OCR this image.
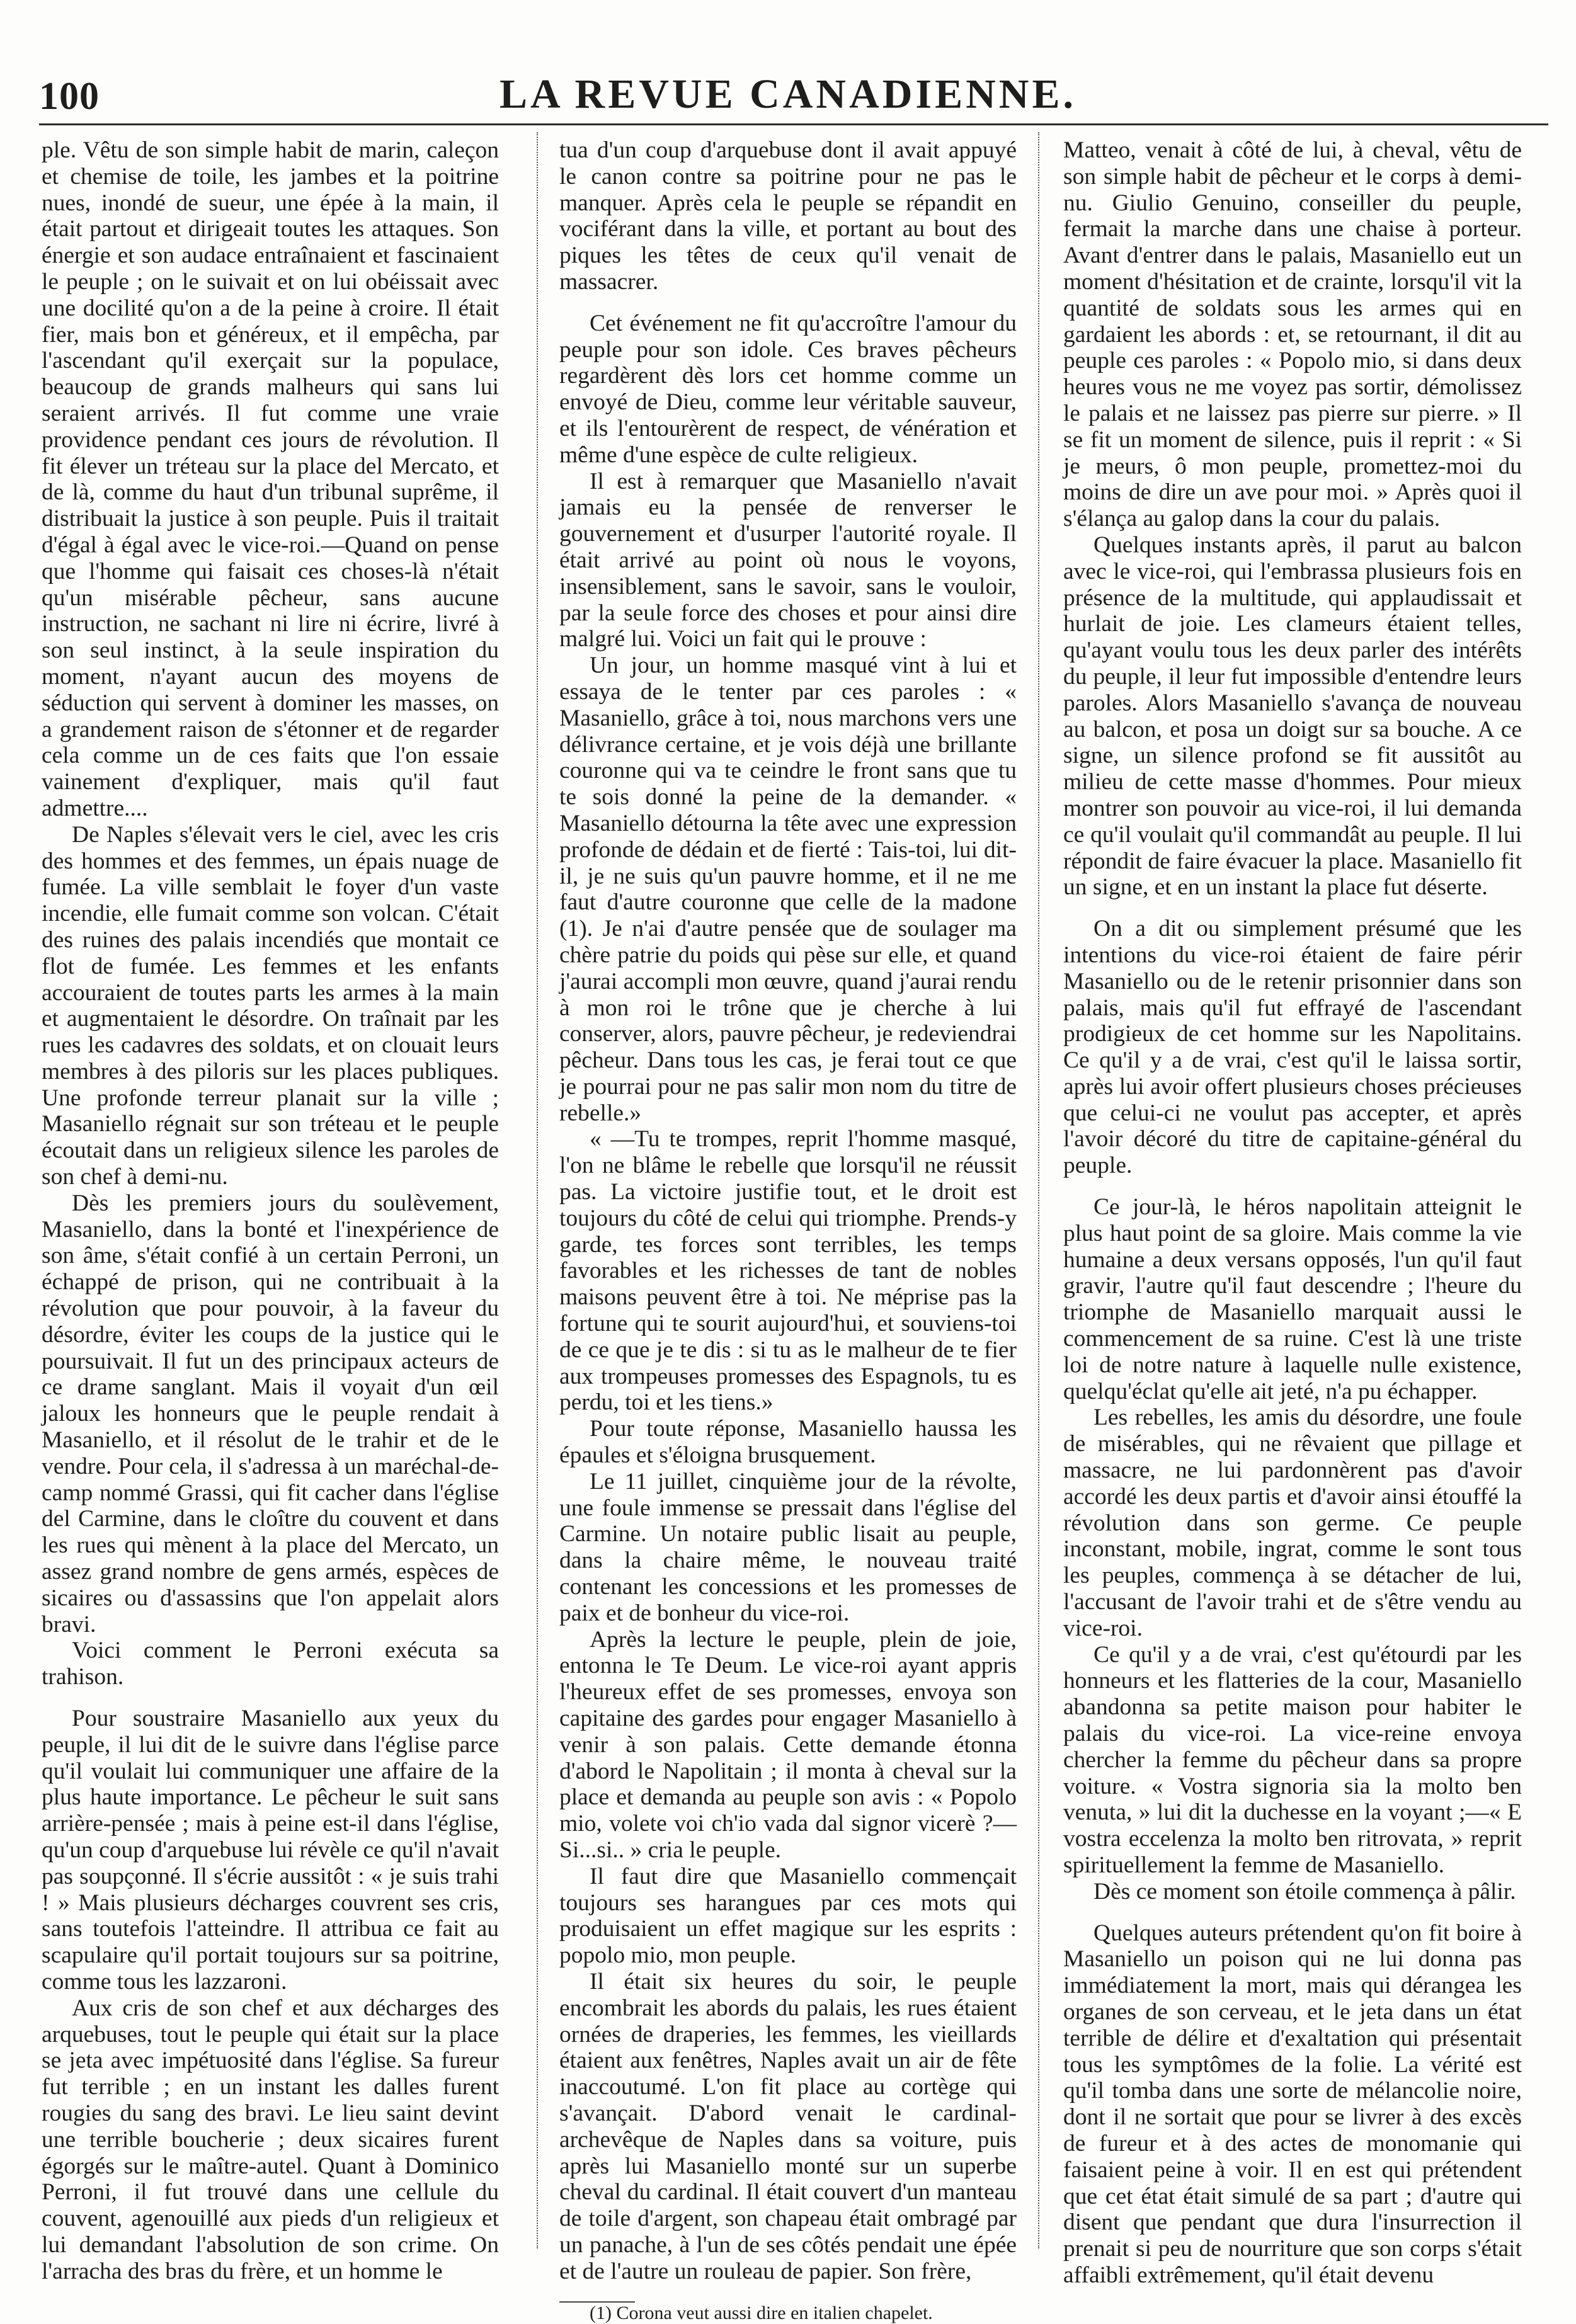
100	LA REVUE CANADIENNE.

ple. Vêtu de son simple habit de marin, caleçon et chemise de toile, les jambes et la poitrine nues, inondé de sueur, une épée à la main, il était partout et dirigeait toutes les attaques. Son énergie et son audace entraînaient et fascinaient le peuple ; on le suivait et on lui obéissait avec une docilité qu'on a de la peine à croire. Il était fier, mais bon et généreux, et il empêcha, par l'ascendant qu'il exerçait sur la populace, beaucoup de grands malheurs qui sans lui seraient arrivés. Il fut comme une vraie providence pendant ces jours de révolution. Il fit élever un tréteau sur la place del Mercato, et de là, comme du haut d'un tribunal suprême, il distribuait la justice à son peuple. Puis il traitait d'égal à égal avec le vice-roi.—Quand on pense que l'homme qui faisait ces choses-là n'était qu'un misérable pêcheur, sans aucune instruction, ne sachant ni lire ni écrire, livré à son seul instinct, à la seule inspiration du moment, n'ayant aucun des moyens de séduction qui servent à dominer les masses, on a grandement raison de s'étonner et de regarder cela comme un de ces faits que l'on essaie vainement d'expliquer, mais qu'il faut admettre....

De Naples s'élevait vers le ciel, avec les cris des hommes et des femmes, un épais nuage de fumée. La ville semblait le foyer d'un vaste incendie, elle fumait comme son volcan. C'était des ruines des palais incendiés que montait ce flot de fumée. Les femmes et les enfants accouraient de toutes parts les armes à la main et augmentaient le désordre. On traînait par les rues les cadavres des soldats, et on clouait leurs membres à des piloris sur les places publiques. Une profonde terreur planait sur la ville ; Masaniello régnait sur son tréteau et le peuple écoutait dans un religieux silence les paroles de son chef à demi-nu.

Dès les premiers jours du soulèvement, Masaniello, dans la bonté et l'inexpérience de son âme, s'était confié à un certain Perroni, un échappé de prison, qui ne contribuait à la révolution que pour pouvoir, à la faveur du désordre, éviter les coups de la justice qui le poursuivait. Il fut un des principaux acteurs de ce drame sanglant. Mais il voyait d'un œil jaloux les honneurs que le peuple rendait à Masaniello, et il résolut de le trahir et de le vendre. Pour cela, il s'adressa à un maréchal-de-camp nommé Grassi, qui fit cacher dans l'église del Carmine, dans le cloître du couvent et dans les rues qui mènent à la place del Mercato, un assez grand nombre de gens armés, espèces de sicaires ou d'assassins que l'on appelait alors bravi.

Voici comment le Perroni exécuta sa trahison.

Pour soustraire Masaniello aux yeux du peuple, il lui dit de le suivre dans l'église parce qu'il voulait lui communiquer une affaire de la plus haute importance. Le pêcheur le suit sans arrière-pensée ; mais à peine est-il dans l'église, qu'un coup d'arquebuse lui révèle ce qu'il n'avait pas soupçonné. Il s'écrie aussitôt : « je suis trahi ! » Mais plusieurs décharges couvrent ses cris, sans toutefois l'atteindre. Il attribua ce fait au scapulaire qu'il portait toujours sur sa poitrine, comme tous les lazzaroni.

Aux cris de son chef et aux décharges des arquebuses, tout le peuple qui était sur la place se jeta avec impétuosité dans l'église. Sa fureur fut terrible ; en un instant les dalles furent rougies du sang des bravi. Le lieu saint devint une terrible boucherie ; deux sicaires furent égorgés sur le maître-autel. Quant à Dominico Perroni, il fut trouvé dans une cellule du couvent, agenouillé aux pieds d'un religieux et lui demandant l'absolution de son crime. On l'arracha des bras du frère, et un homme le

tua d'un coup d'arquebuse dont il avait appuyé le canon contre sa poitrine pour ne pas le manquer. Après cela le peuple se répandit en vociférant dans la ville, et portant au bout des piques les têtes de ceux qu'il venait de massacrer.

Cet événement ne fit qu'accroître l'amour du peuple pour son idole. Ces braves pêcheurs regardèrent dès lors cet homme comme un envoyé de Dieu, comme leur véritable sauveur, et ils l'entourèrent de respect, de vénération et même d'une espèce de culte religieux.

Il est à remarquer que Masaniello n'avait jamais eu la pensée de renverser le gouvernement et d'usurper l'autorité royale. Il était arrivé au point où nous le voyons, insensiblement, sans le savoir, sans le vouloir, par la seule force des choses et pour ainsi dire malgré lui. Voici un fait qui le prouve :

Un jour, un homme masqué vint à lui et essaya de le tenter par ces paroles : « Masaniello, grâce à toi, nous marchons vers une délivrance certaine, et je vois déjà une brillante couronne qui va te ceindre le front sans que tu te sois donné la peine de la demander. « Masaniello détourna la tête avec une expression profonde de dédain et de fierté : Tais-toi, lui dit-il, je ne suis qu'un pauvre homme, et il ne me faut d'autre couronne que celle de la madone (1). Je n'ai d'autre pensée que de soulager ma chère patrie du poids qui pèse sur elle, et quand j'aurai accompli mon œuvre, quand j'aurai rendu à mon roi le trône que je cherche à lui conserver, alors, pauvre pêcheur, je redeviendrai pêcheur. Dans tous les cas, je ferai tout ce que je pourrai pour ne pas salir mon nom du titre de rebelle.»

« —Tu te trompes, reprit l'homme masqué, l'on ne blâme le rebelle que lorsqu'il ne réussit pas. La victoire justifie tout, et le droit est toujours du côté de celui qui triomphe. Prends-y garde, tes forces sont terribles, les temps favorables et les richesses de tant de nobles maisons peuvent être à toi. Ne méprise pas la fortune qui te sourit aujourd'hui, et souviens-toi de ce que je te dis : si tu as le malheur de te fier aux trompeuses promesses des Espagnols, tu es perdu, toi et les tiens.»

Pour toute réponse, Masaniello haussa les épaules et s'éloigna brusquement.

Le 11 juillet, cinquième jour de la révolte, une foule immense se pressait dans l'église del Carmine. Un notaire public lisait au peuple, dans la chaire même, le nouveau traité contenant les concessions et les promesses de paix et de bonheur du vice-roi.

Après la lecture le peuple, plein de joie, entonna le Te Deum. Le vice-roi ayant appris l'heureux effet de ses promesses, envoya son capitaine des gardes pour engager Masaniello à venir à son palais. Cette demande étonna d'abord le Napolitain ; il monta à cheval sur la place et demanda au peuple son avis : « Popolo mio, volete voi ch'io vada dal signor vicerè ?—Si...si.. » cria le peuple.

Il faut dire que Masaniello commençait toujours ses harangues par ces mots qui produisaient un effet magique sur les esprits : popolo mio, mon peuple.

Il était six heures du soir, le peuple encombrait les abords du palais, les rues étaient ornées de draperies, les femmes, les vieillards étaient aux fenêtres, Naples avait un air de fête inaccoutumé. L'on fit place au cortège qui s'avançait. D'abord venait le cardinal-archevêque de Naples dans sa voiture, puis après lui Masaniello monté sur un superbe cheval du cardinal. Il était couvert d'un manteau de toile d'argent, son chapeau était ombragé par un panache, à l'un de ses côtés pendait une épée et de l'autre un rouleau de papier. Son frère,

(1) Corona veut aussi dire en italien chapelet.

Matteo, venait à côté de lui, à cheval, vêtu de son simple habit de pêcheur et le corps à demi-nu. Giulio Genuino, conseiller du peuple, fermait la marche dans une chaise à porteur. Avant d'entrer dans le palais, Masaniello eut un moment d'hésitation et de crainte, lorsqu'il vit la quantité de soldats sous les armes qui en gardaient les abords : et, se retournant, il dit au peuple ces paroles : « Popolo mio, si dans deux heures vous ne me voyez pas sortir, démolissez le palais et ne laissez pas pierre sur pierre. » Il se fit un moment de silence, puis il reprit : « Si je meurs, ô mon peuple, promettez-moi du moins de dire un ave pour moi. » Après quoi il s'élança au galop dans la cour du palais.

Quelques instants après, il parut au balcon avec le vice-roi, qui l'embrassa plusieurs fois en présence de la multitude, qui applaudissait et hurlait de joie. Les clameurs étaient telles, qu'ayant voulu tous les deux parler des intérêts du peuple, il leur fut impossible d'entendre leurs paroles. Alors Masaniello s'avança de nouveau au balcon, et posa un doigt sur sa bouche. A ce signe, un silence profond se fit aussitôt au milieu de cette masse d'hommes. Pour mieux montrer son pouvoir au vice-roi, il lui demanda ce qu'il voulait qu'il commandât au peuple. Il lui répondit de faire évacuer la place. Masaniello fit un signe, et en un instant la place fut déserte.

On a dit ou simplement présumé que les intentions du vice-roi étaient de faire périr Masaniello ou de le retenir prisonnier dans son palais, mais qu'il fut effrayé de l'ascendant prodigieux de cet homme sur les Napolitains. Ce qu'il y a de vrai, c'est qu'il le laissa sortir, après lui avoir offert plusieurs choses précieuses que celui-ci ne voulut pas accepter, et après l'avoir décoré du titre de capitaine-général du peuple.

Ce jour-là, le héros napolitain atteignit le plus haut point de sa gloire. Mais comme la vie humaine a deux versans opposés, l'un qu'il faut gravir, l'autre qu'il faut descendre ; l'heure du triomphe de Masaniello marquait aussi le commencement de sa ruine. C'est là une triste loi de notre nature à laquelle nulle existence, quelqu'éclat qu'elle ait jeté, n'a pu échapper.

Les rebelles, les amis du désordre, une foule de misérables, qui ne rêvaient que pillage et massacre, ne lui pardonnèrent pas d'avoir accordé les deux partis et d'avoir ainsi étouffé la révolution dans son germe. Ce peuple inconstant, mobile, ingrat, comme le sont tous les peuples, commença à se détacher de lui, l'accusant de l'avoir trahi et de s'être vendu au vice-roi.

Ce qu'il y a de vrai, c'est qu'étourdi par les honneurs et les flatteries de la cour, Masaniello abandonna sa petite maison pour habiter le palais du vice-roi. La vice-reine envoya chercher la femme du pêcheur dans sa propre voiture. « Vostra signoria sia la molto ben venuta, » lui dit la duchesse en la voyant ;—« E vostra eccelenza la molto ben ritrovata, » reprit spirituellement la femme de Masaniello.

Dès ce moment son étoile commença à pâlir.

Quelques auteurs prétendent qu'on fit boire à Masaniello un poison qui ne lui donna pas immédiatement la mort, mais qui dérangea les organes de son cerveau, et le jeta dans un état terrible de délire et d'exaltation qui présentait tous les symptômes de la folie. La vérité est qu'il tomba dans une sorte de mélancolie noire, dont il ne sortait que pour se livrer à des excès de fureur et à des actes de monomanie qui faisaient peine à voir. Il en est qui prétendent que cet état était simulé de sa part ; d'autre qui disent que pendant que dura l'insurrection il prenait si peu de nourriture que son corps s'était affaibli extrêmement, qu'il était devenu
